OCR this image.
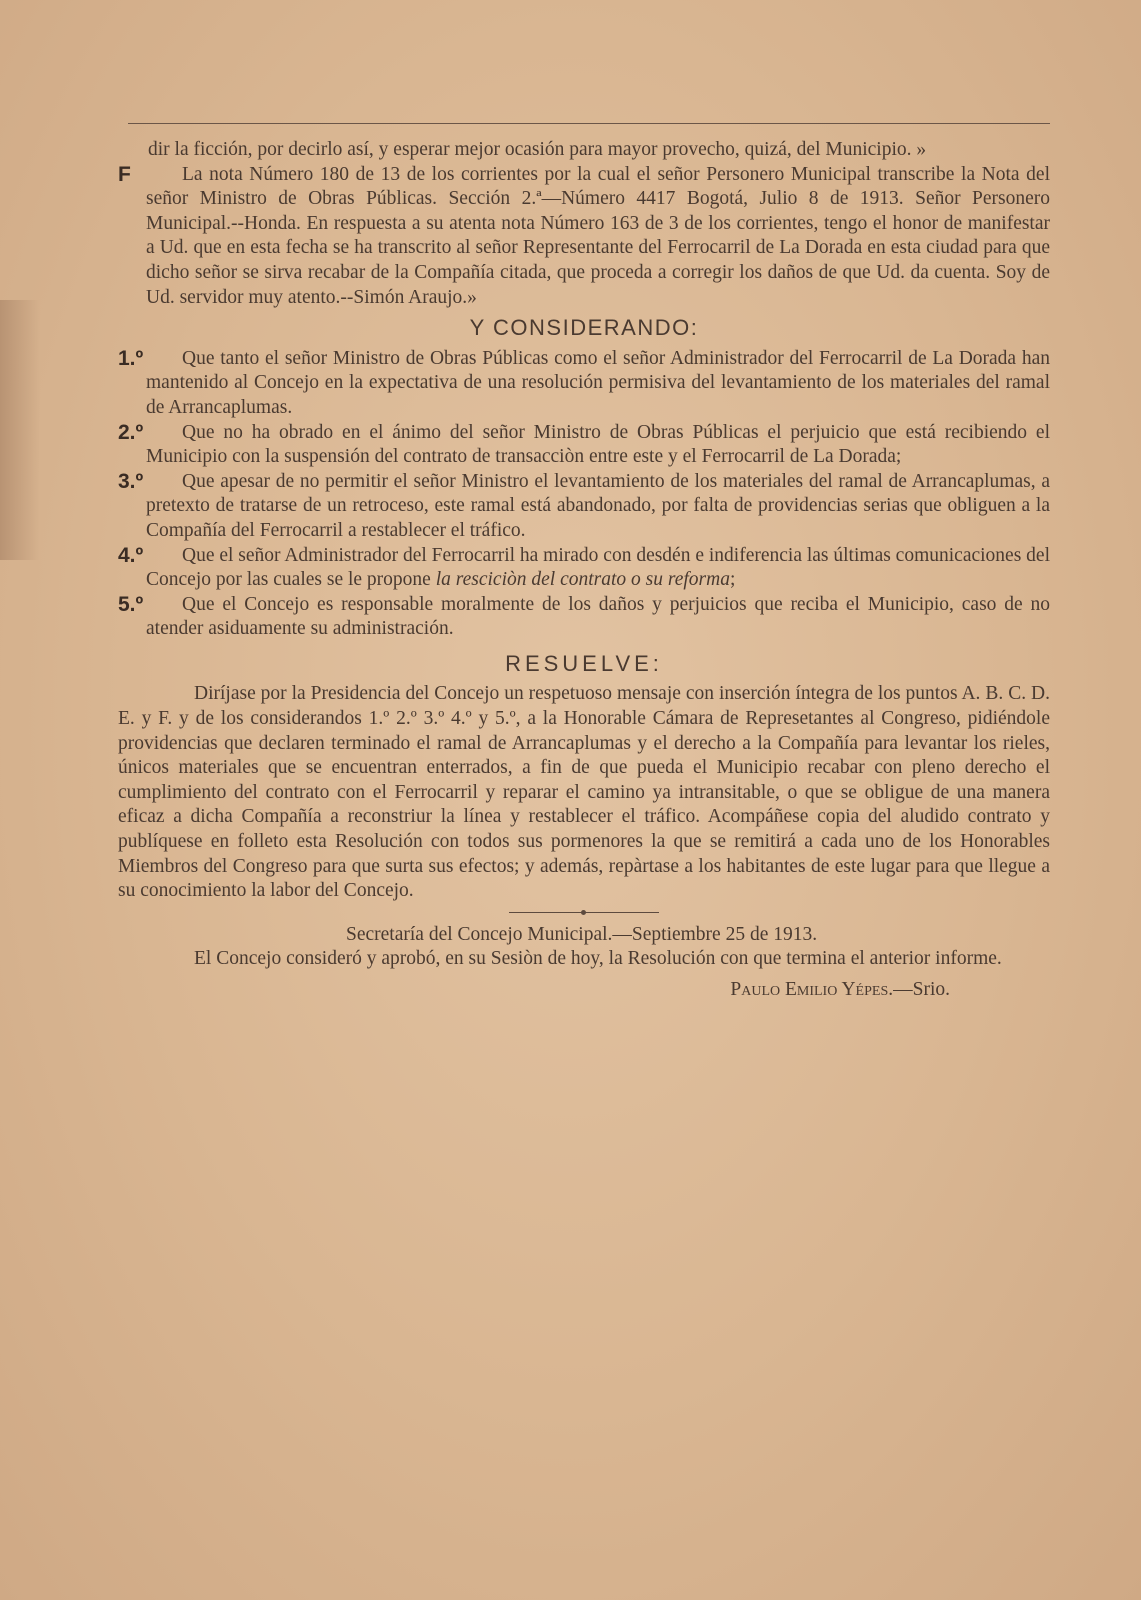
dir la ficción, por decirlo así, y esperar mejor ocasión para mayor provecho, quizá, del Municipio. »

F	La nota Número 180 de 13 de los corrientes por la cual el señor Personero Municipal transcribe la Nota del señor Ministro de Obras Públicas. Sección 2.ª—Número 4417 Bogotá, Julio 8 de 1913. Señor Personero Municipal.--Honda. En respuesta a su atenta nota Número 163 de 3 de los corrientes, tengo el honor de manifestar a Ud. que en esta fecha se ha transcrito al señor Representante del Ferrocarril de La Dorada en esta ciudad para que dicho señor se sirva recabar de la Compañía citada, que proceda a corregir los daños de que Ud. da cuenta. Soy de Ud. servidor muy atento.--Simón Araujo.»

Y CONSIDERANDO:

1.º	Que tanto el señor Ministro de Obras Públicas como el señor Administrador del Ferrocarril de La Dorada han mantenido al Concejo en la expectativa de una resolución permisiva del levantamiento de los materiales del ramal de Arrancaplumas.

2.º	Que no ha obrado en el ánimo del señor Ministro de Obras Públicas el perjuicio que está recibiendo el Municipio con la suspensión del contrato de transacciòn entre este y el Ferrocarril de La Dorada;

3.º	Que apesar de no permitir el señor Ministro el levantamiento de los materiales del ramal de Arrancaplumas, a pretexto de tratarse de un retroceso, este ramal está abandonado, por falta de providencias serias que obliguen a la Compañía del Ferrocarril a restablecer el tráfico.

4.º	Que el señor Administrador del Ferrocarril ha mirado con desdén e indiferencia las últimas comunicaciones del Concejo por las cuales se le propone la resciciòn del contrato o su reforma;

5.º	Que el Concejo es responsable moralmente de los daños y perjuicios que reciba el Municipio, caso de no atender asiduamente su administración.

RESUELVE:

Diríjase por la Presidencia del Concejo un respetuoso mensaje con inserción íntegra de los puntos A. B. C. D. E. y F. y de los considerandos 1.º 2.º 3.º 4.º y 5.º, a la Honorable Cámara de Represetantes al Congreso, pidiéndole providencias que declaren terminado el ramal de Arrancaplumas y el derecho a la Compañía para levantar los rieles, únicos materiales que se encuentran enterrados, a fin de que pueda el Municipio recabar con pleno derecho el cumplimiento del contrato con el Ferrocarril y reparar el camino ya intransitable, o que se obligue de una manera eficaz a dicha Compañía a reconstriur la línea y restablecer el tráfico. Acompáñese copia del aludido contrato y publíquese en folleto esta Resolución con todos sus pormenores la que se remitirá a cada uno de los Honorables Miembros del Congreso para que surta sus efectos; y además, repàrtase a los habitantes de este lugar para que llegue a su conocimiento la labor del Concejo.

Secretaría del Concejo Municipal.—Septiembre 25 de 1913.

El Concejo consideró y aprobó, en su Sesiòn de hoy, la Resolución con que termina el anterior informe.

Paulo Emilio Yépes.—Srio.
